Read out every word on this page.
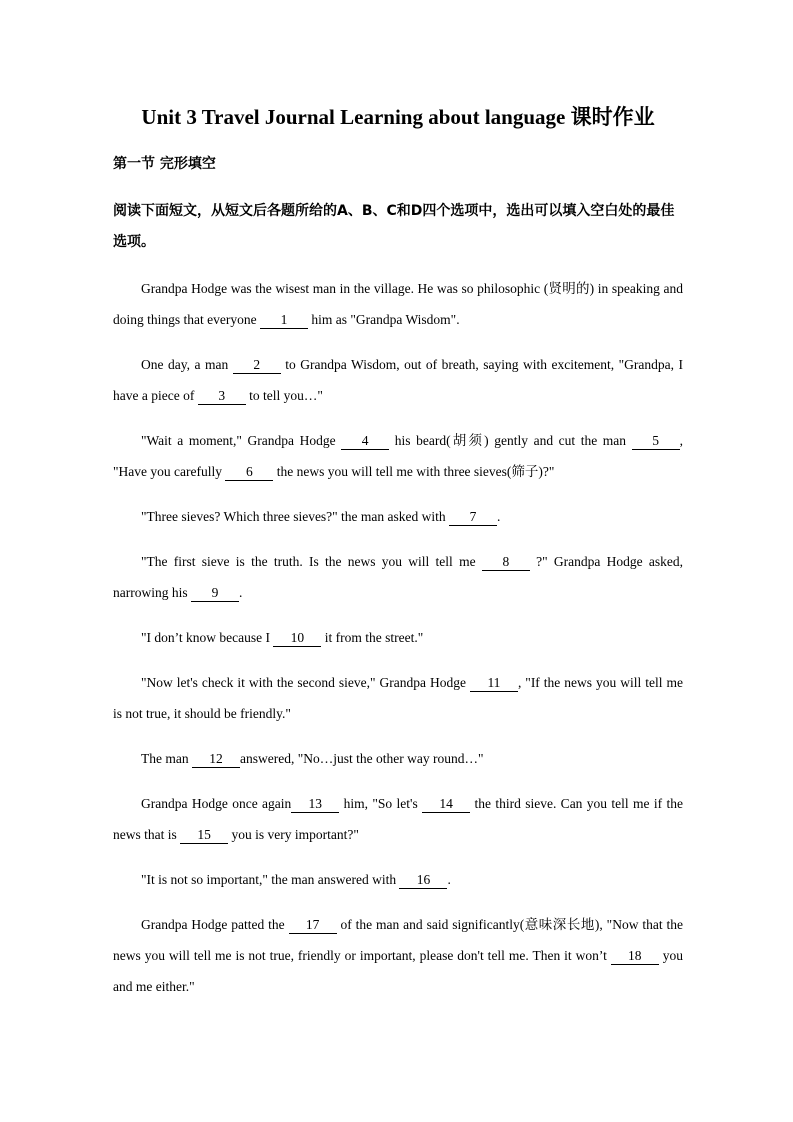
Unit 3 Travel Journal Learning about language 课时作业
第一节 完形填空
阅读下面短文，从短文后各题所给的A、B、C和D四个选项中，选出可以填入空白处的最佳选项。

Grandpa Hodge was the wisest man in the village. He was so philosophic (贤明的) in speaking and doing things that everyone 1 him as "Grandpa Wisdom".

One day, a man 2 to Grandpa Wisdom, out of breath, saying with excitement, "Grandpa, I have a piece of 3 to tell you…"

"Wait a moment," Grandpa Hodge 4 his beard(胡须) gently and cut the man 5 , "Have you carefully 6 the news you will tell me with three sieves(筛子)?"

"Three sieves? Which three sieves?" the man asked with 7 .

"The first sieve is the truth. Is the news you will tell me 8 ?" Grandpa Hodge asked, narrowing his 9 .

"I don’t know because I 10 it from the street."

"Now let's check it with the second sieve," Grandpa Hodge 11 , "If the news you will tell me is not true, it should be friendly."

The man 12 answered, "No…just the other way round…"

Grandpa Hodge once again 13 him, "So let's 14 the third sieve. Can you tell me if the news that is 15 you is very important?"

"It is not so important," the man answered with 16 .

Grandpa Hodge patted the 17 of the man and said significantly(意味深长地), "Now that the news you will tell me is not true, friendly or important, please don't tell me. Then it won’t 18 you and me either."
